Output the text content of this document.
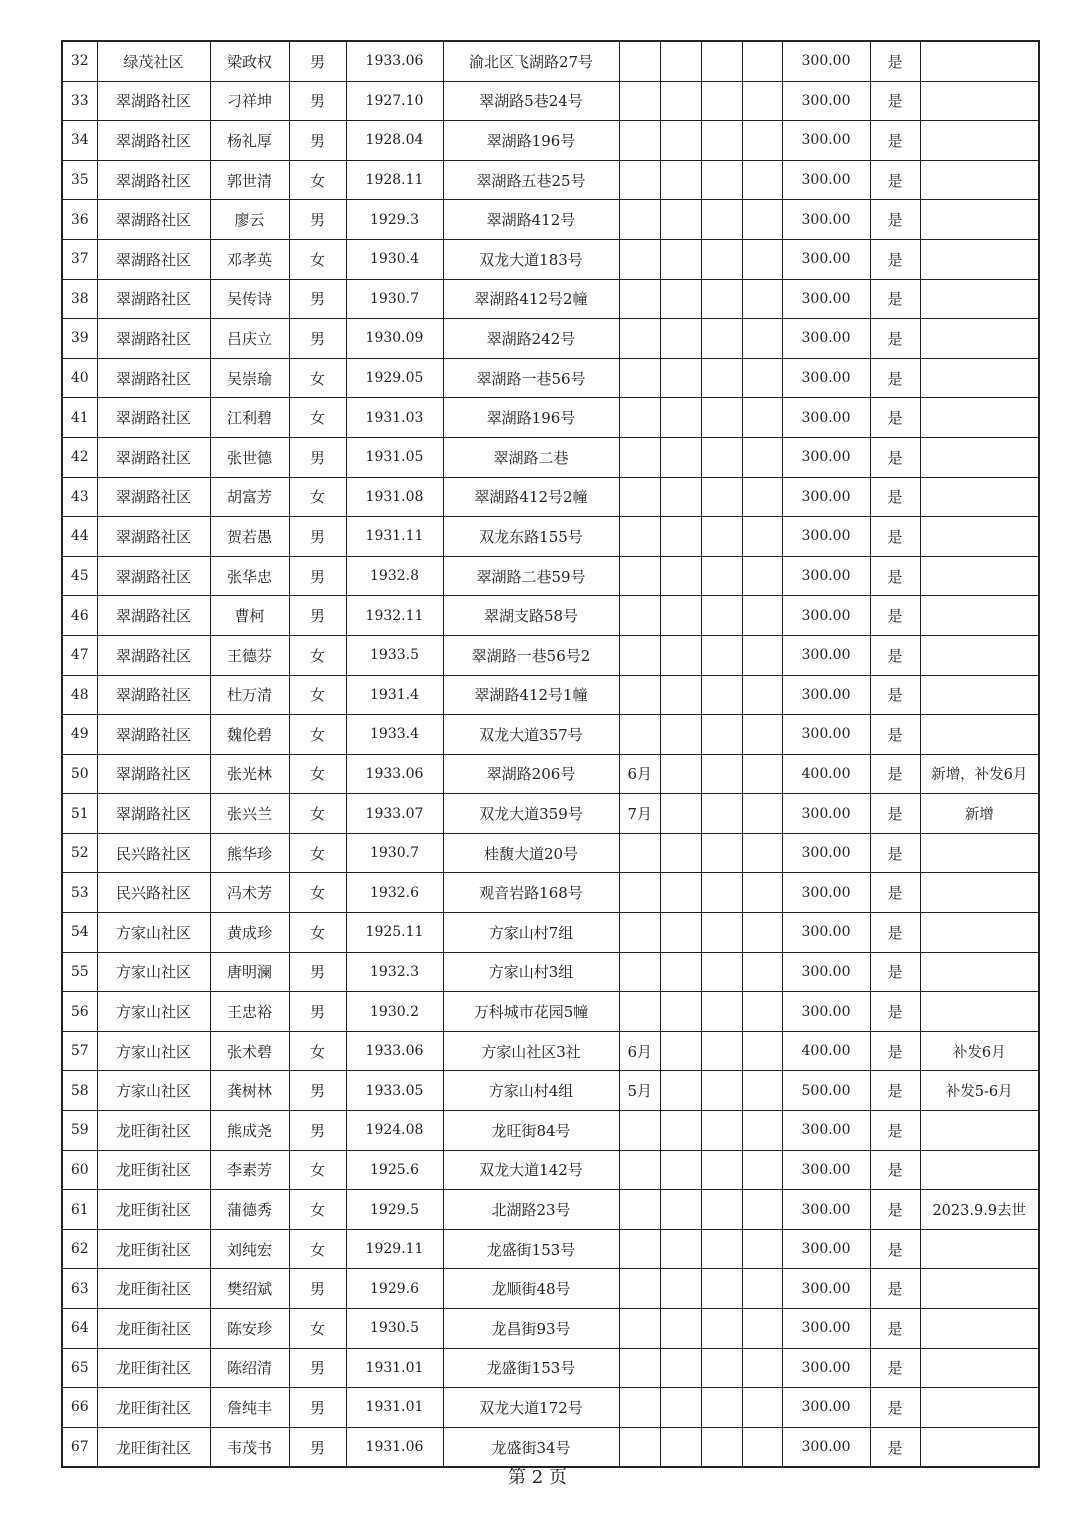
32	绿茂社区	梁政权	男	1933.06	渝北区飞湖路27号					300.00	是	
33	翠湖路社区	刁祥坤	男	1927.10	翠湖路5巷24号					300.00	是	
34	翠湖路社区	杨礼厚	男	1928.04	翠湖路196号					300.00	是	
35	翠湖路社区	郭世清	女	1928.11	翠湖路五巷25号					300.00	是	
36	翠湖路社区	廖云	男	1929.3	翠湖路412号					300.00	是	
37	翠湖路社区	邓孝英	女	1930.4	双龙大道183号					300.00	是	
38	翠湖路社区	吴传诗	男	1930.7	翠湖路412号2幢					300.00	是	
39	翠湖路社区	吕庆立	男	1930.09	翠湖路242号					300.00	是	
40	翠湖路社区	吴崇瑜	女	1929.05	翠湖路一巷56号					300.00	是	
41	翠湖路社区	江利碧	女	1931.03	翠湖路196号					300.00	是	
42	翠湖路社区	张世德	男	1931.05	翠湖路二巷					300.00	是	
43	翠湖路社区	胡富芳	女	1931.08	翠湖路412号2幢					300.00	是	
44	翠湖路社区	贺若愚	男	1931.11	双龙东路155号					300.00	是	
45	翠湖路社区	张华忠	男	1932.8	翠湖路二巷59号					300.00	是	
46	翠湖路社区	曹柯	男	1932.11	翠湖支路58号					300.00	是	
47	翠湖路社区	王德芬	女	1933.5	翠湖路一巷56号2					300.00	是	
48	翠湖路社区	杜万清	女	1931.4	翠湖路412号1幢					300.00	是	
49	翠湖路社区	魏伦碧	女	1933.4	双龙大道357号					300.00	是	
50	翠湖路社区	张光林	女	1933.06	翠湖路206号	6月				400.00	是	新增，补发6月
51	翠湖路社区	张兴兰	女	1933.07	双龙大道359号	7月				300.00	是	新增
52	民兴路社区	熊华珍	女	1930.7	桂馥大道20号					300.00	是	
53	民兴路社区	冯术芳	女	1932.6	观音岩路168号					300.00	是	
54	方家山社区	黄成珍	女	1925.11	方家山村7组					300.00	是	
55	方家山社区	唐明澜	男	1932.3	方家山村3组					300.00	是	
56	方家山社区	王忠裕	男	1930.2	万科城市花园5幢					300.00	是	
57	方家山社区	张术碧	女	1933.06	方家山社区3社	6月				400.00	是	补发6月
58	方家山社区	龚树林	男	1933.05	方家山村4组	5月				500.00	是	补发5-6月
59	龙旺街社区	熊成尧	男	1924.08	龙旺街84号					300.00	是	
60	龙旺街社区	李素芳	女	1925.6	双龙大道142号					300.00	是	
61	龙旺街社区	蒲德秀	女	1929.5	北湖路23号					300.00	是	2023.9.9去世
62	龙旺街社区	刘纯宏	女	1929.11	龙盛街153号					300.00	是	
63	龙旺街社区	樊绍斌	男	1929.6	龙顺街48号					300.00	是	
64	龙旺街社区	陈安珍	女	1930.5	龙昌街93号					300.00	是	
65	龙旺街社区	陈绍清	男	1931.01	龙盛街153号					300.00	是	
66	龙旺街社区	詹纯丰	男	1931.01	双龙大道172号					300.00	是	
67	龙旺街社区	韦茂书	男	1931.06	龙盛街34号					300.00	是	
第 2 页
